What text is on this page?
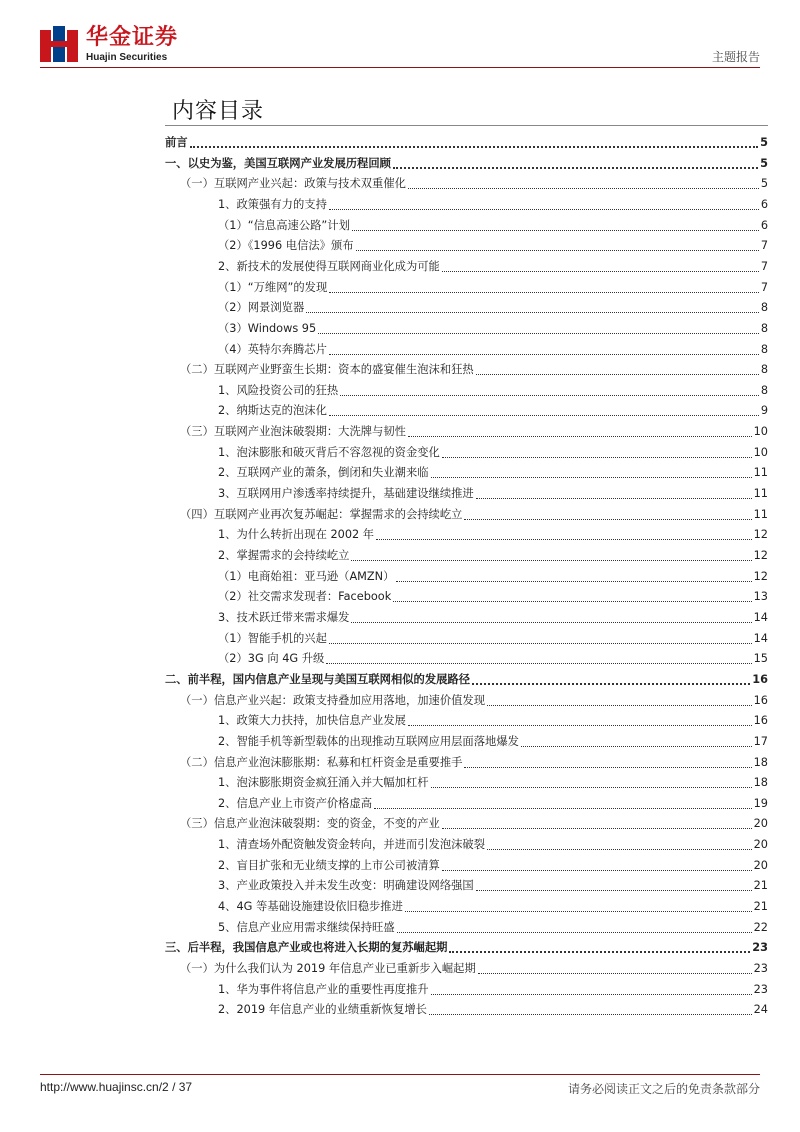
华金证券
Huajin Securities	主题报告
内容目录
前言	5
一、以史为鉴，美国互联网产业发展历程回顾	5
（一）互联网产业兴起：政策与技术双重催化	5
1、政策强有力的支持	6
（1）“信息高速公路”计划	6
（2）《1996 电信法》颁布	7
2、新技术的发展使得互联网商业化成为可能	7
（1）“万维网”的发现	7
（2）网景浏览器	8
（3）Windows 95	8
（4）英特尔奔腾芯片	8
（二）互联网产业野蛮生长期：资本的盛宴催生泡沫和狂热	8
1、风险投资公司的狂热	8
2、纳斯达克的泡沫化	9
（三）互联网产业泡沫破裂期：大洗牌与韧性	10
1、泡沫膨胀和破灭背后不容忽视的资金变化	10
2、互联网产业的萧条，倒闭和失业潮来临	11
3、互联网用户渗透率持续提升，基础建设继续推进	11
（四）互联网产业再次复苏崛起：掌握需求的会持续屹立	11
1、为什么转折出现在 2002 年	12
2、掌握需求的会持续屹立	12
（1）电商始祖：亚马逊（AMZN）	12
（2）社交需求发现者：Facebook	13
3、技术跃迁带来需求爆发	14
（1）智能手机的兴起	14
（2）3G 向 4G 升级	15
二、前半程，国内信息产业呈现与美国互联网相似的发展路径	16
（一）信息产业兴起：政策支持叠加应用落地，加速价值发现	16
1、政策大力扶持，加快信息产业发展	16
2、智能手机等新型载体的出现推动互联网应用层面落地爆发	17
（二）信息产业泡沫膨胀期：私募和杠杆资金是重要推手	18
1、泡沫膨胀期资金疯狂涌入并大幅加杠杆	18
2、信息产业上市资产价格虚高	19
（三）信息产业泡沫破裂期：变的资金，不变的产业	20
1、清查场外配资触发资金转向，并进而引发泡沫破裂	20
2、盲目扩张和无业绩支撑的上市公司被清算	20
3、产业政策投入并未发生改变：明确建设网络强国	21
4、4G 等基础设施建设依旧稳步推进	21
5、信息产业应用需求继续保持旺盛	22
三、后半程，我国信息产业或也将进入长期的复苏崛起期	23
（一）为什么我们认为 2019 年信息产业已重新步入崛起期	23
1、华为事件将信息产业的重要性再度推升	23
2、2019 年信息产业的业绩重新恢复增长	24
http://www.huajinsc.cn/2 / 37	请务必阅读正文之后的免责条款部分
